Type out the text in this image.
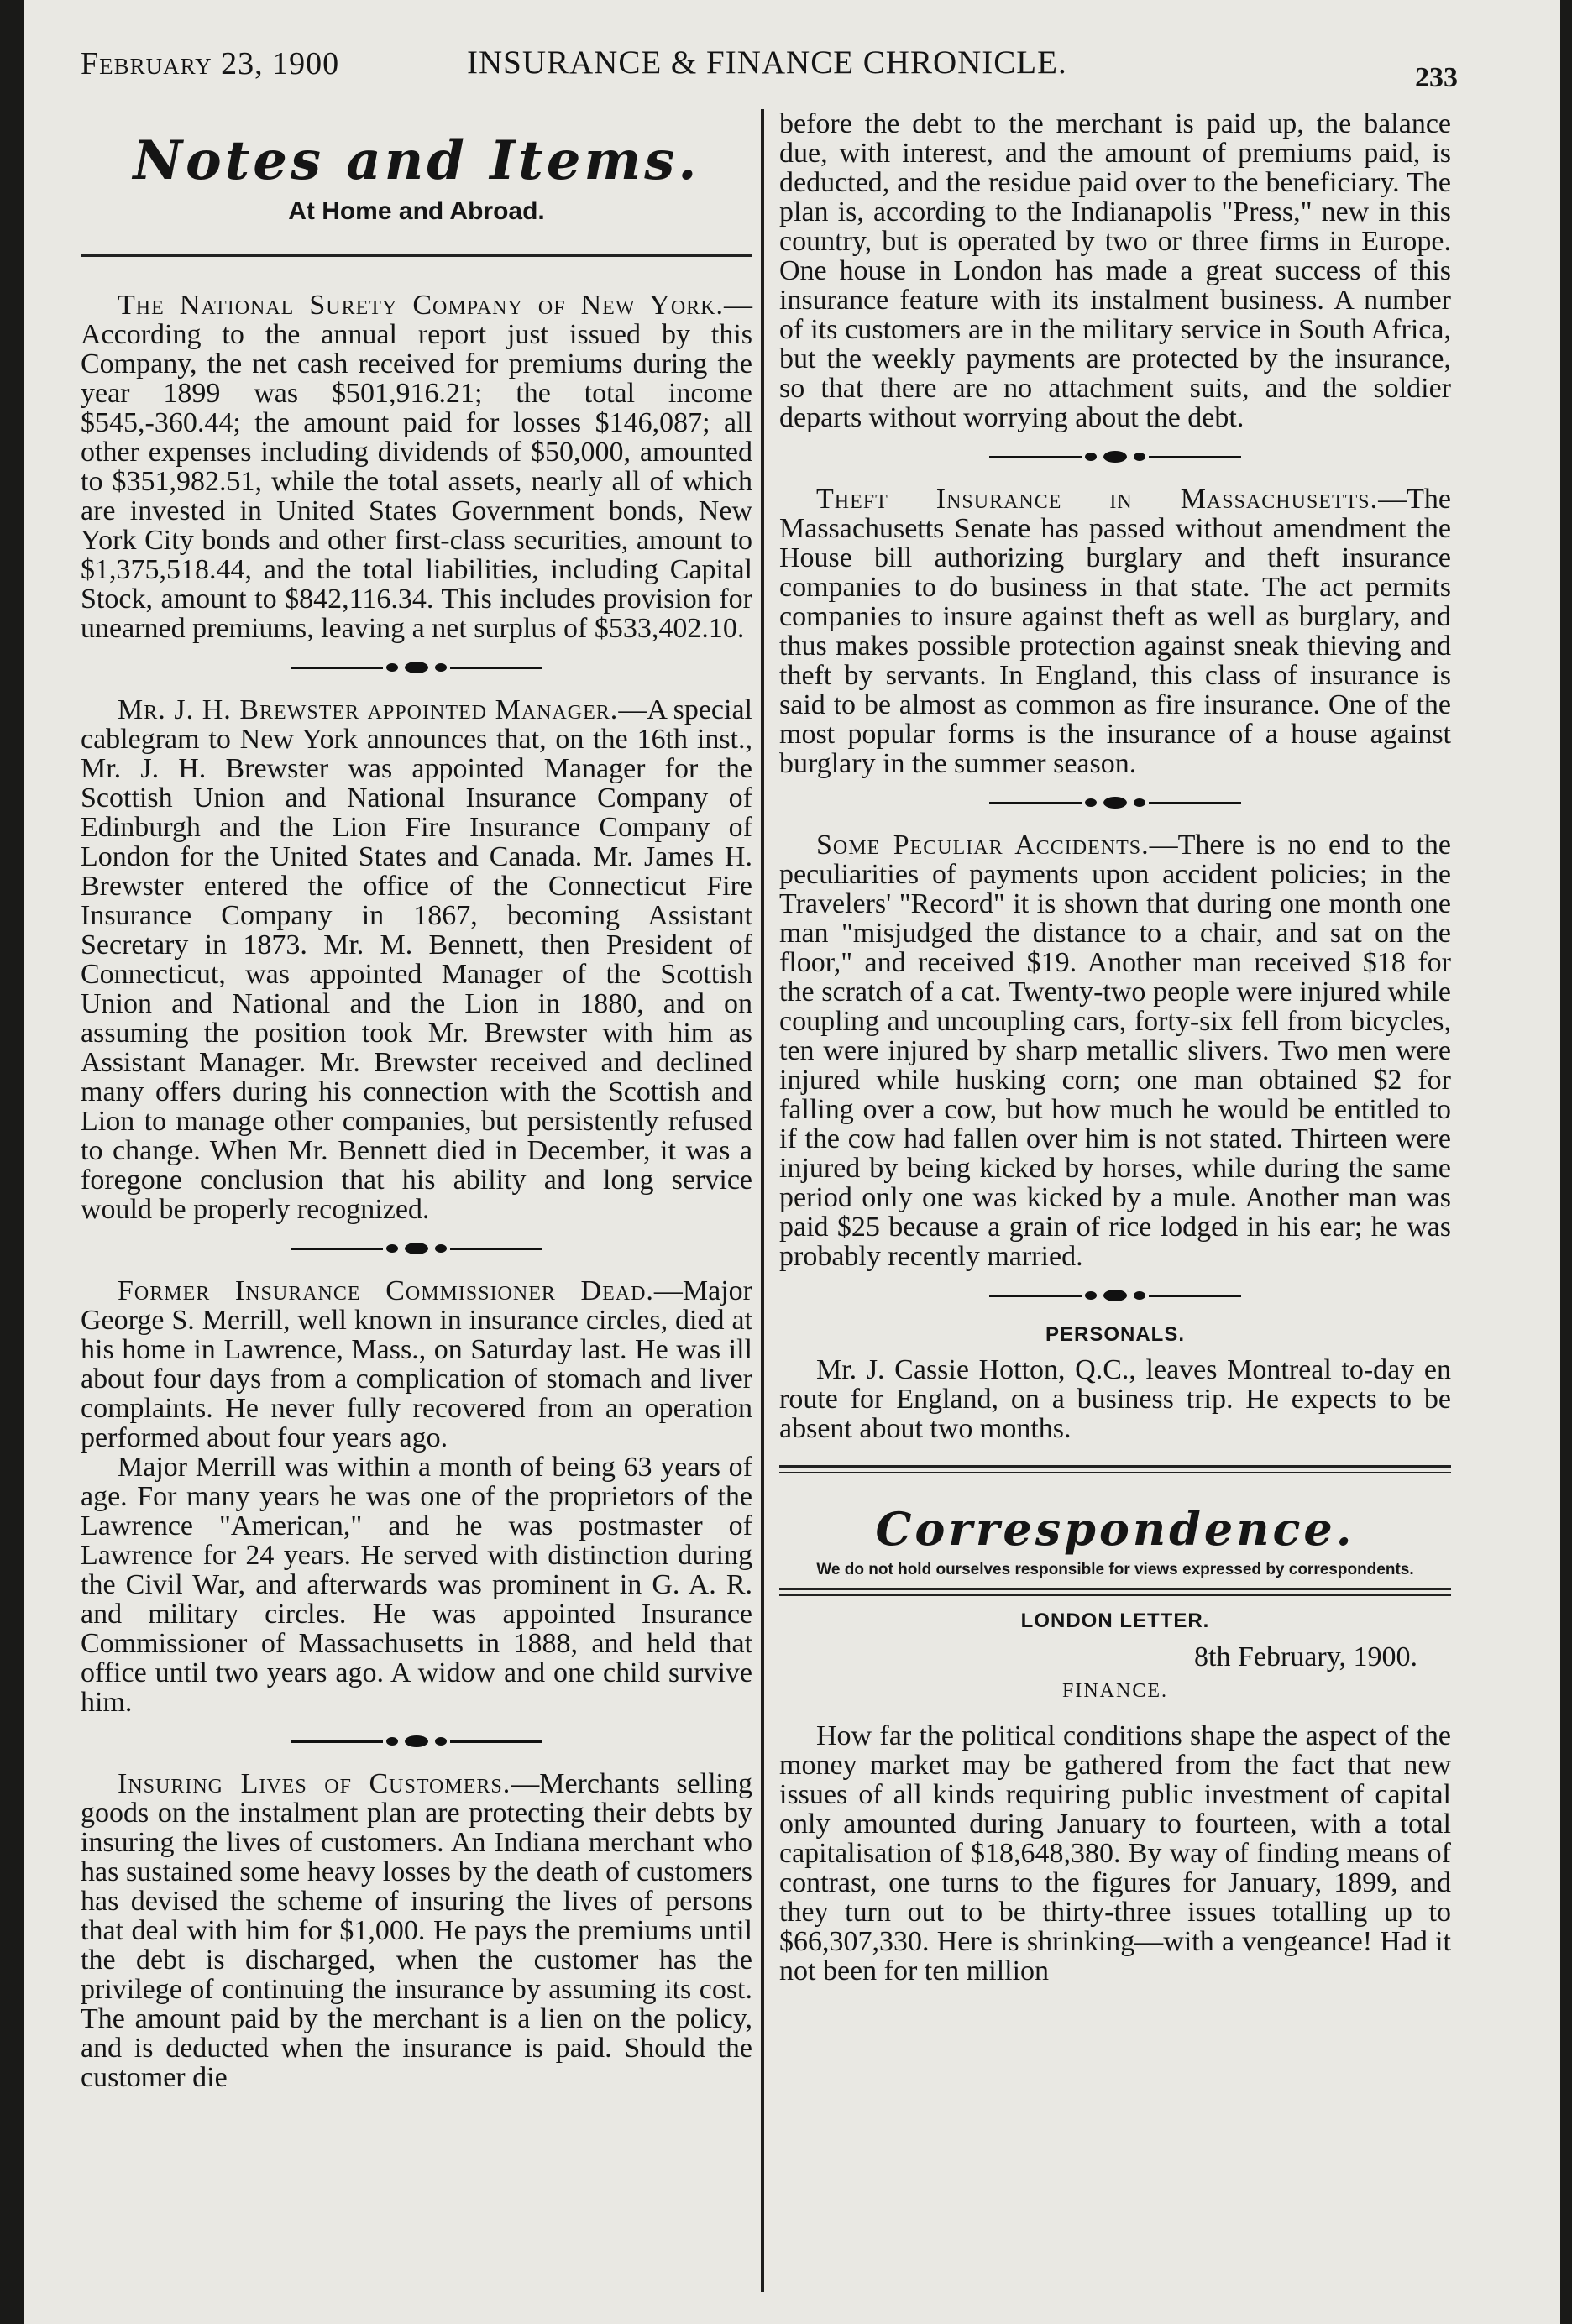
February 23, 1900	INSURANCE & FINANCE CHRONICLE.	233
Notes and Items.
At Home and Abroad.

The National Surety Company of New York.—According to the annual report just issued by this Company, the net cash received for premiums during the year 1899 was $501,916.21; the total income $545,-360.44; the amount paid for losses $146,087; all other expenses including dividends of $50,000, amounted to $351,982.51, while the total assets, nearly all of which are invested in United States Government bonds, New York City bonds and other first-class securities, amount to $1,375,518.44, and the total liabilities, including Capital Stock, amount to $842,116.34. This includes provision for unearned premiums, leaving a net surplus of $533,402.10.

Mr. J. H. Brewster appointed Manager.—A special cablegram to New York announces that, on the 16th inst., Mr. J. H. Brewster was appointed Manager for the Scottish Union and National Insurance Company of Edinburgh and the Lion Fire Insurance Company of London for the United States and Canada. Mr. James H. Brewster entered the office of the Connecticut Fire Insurance Company in 1867, becoming Assistant Secretary in 1873. Mr. M. Bennett, then President of Connecticut, was appointed Manager of the Scottish Union and National and the Lion in 1880, and on assuming the position took Mr. Brewster with him as Assistant Manager. Mr. Brewster received and declined many offers during his connection with the Scottish and Lion to manage other companies, but persistently refused to change. When Mr. Bennett died in December, it was a foregone conclusion that his ability and long service would be properly recognized.

Former Insurance Commissioner Dead.—Major George S. Merrill, well known in insurance circles, died at his home in Lawrence, Mass., on Saturday last. He was ill about four days from a complication of stomach and liver complaints. He never fully recovered from an operation performed about four years ago.

Major Merrill was within a month of being 63 years of age. For many years he was one of the proprietors of the Lawrence "American," and he was postmaster of Lawrence for 24 years. He served with distinction during the Civil War, and afterwards was prominent in G. A. R. and military circles. He was appointed Insurance Commissioner of Massachusetts in 1888, and held that office until two years ago. A widow and one child survive him.

Insuring Lives of Customers.—Merchants selling goods on the instalment plan are protecting their debts by insuring the lives of customers. An Indiana merchant who has sustained some heavy losses by the death of customers has devised the scheme of insuring the lives of persons that deal with him for $1,000. He pays the premiums until the debt is discharged, when the customer has the privilege of continuing the insurance by assuming its cost. The amount paid by the merchant is a lien on the policy, and is deducted when the insurance is paid. Should the customer die

before the debt to the merchant is paid up, the balance due, with interest, and the amount of premiums paid, is deducted, and the residue paid over to the beneficiary. The plan is, according to the Indianapolis "Press," new in this country, but is operated by two or three firms in Europe. One house in London has made a great success of this insurance feature with its instalment business. A number of its customers are in the military service in South Africa, but the weekly payments are protected by the insurance, so that there are no attachment suits, and the soldier departs without worrying about the debt.

Theft Insurance in Massachusetts.—The Massachusetts Senate has passed without amendment the House bill authorizing burglary and theft insurance companies to do business in that state. The act permits companies to insure against theft as well as burglary, and thus makes possible protection against sneak thieving and theft by servants. In England, this class of insurance is said to be almost as common as fire insurance. One of the most popular forms is the insurance of a house against burglary in the summer season.

Some Peculiar Accidents.—There is no end to the peculiarities of payments upon accident policies; in the Travelers' "Record" it is shown that during one month one man "misjudged the distance to a chair, and sat on the floor," and received $19. Another man received $18 for the scratch of a cat. Twenty-two people were injured while coupling and uncoupling cars, forty-six fell from bicycles, ten were injured by sharp metallic slivers. Two men were injured while husking corn; one man obtained $2 for falling over a cow, but how much he would be entitled to if the cow had fallen over him is not stated. Thirteen were injured by being kicked by horses, while during the same period only one was kicked by a mule. Another man was paid $25 because a grain of rice lodged in his ear; he was probably recently married.

PERSONALS.

Mr. J. Cassie Hotton, Q.C., leaves Montreal to-day en route for England, on a business trip. He expects to be absent about two months.

Correspondence.
We do not hold ourselves responsible for views expressed by correspondents.
LONDON LETTER.
8th February, 1900.
FINANCE.

How far the political conditions shape the aspect of the money market may be gathered from the fact that new issues of all kinds requiring public investment of capital only amounted during January to fourteen, with a total capitalisation of $18,648,380. By way of finding means of contrast, one turns to the figures for January, 1899, and they turn out to be thirty-three issues totalling up to $66,307,330. Here is shrinking—with a vengeance! Had it not been for ten million
